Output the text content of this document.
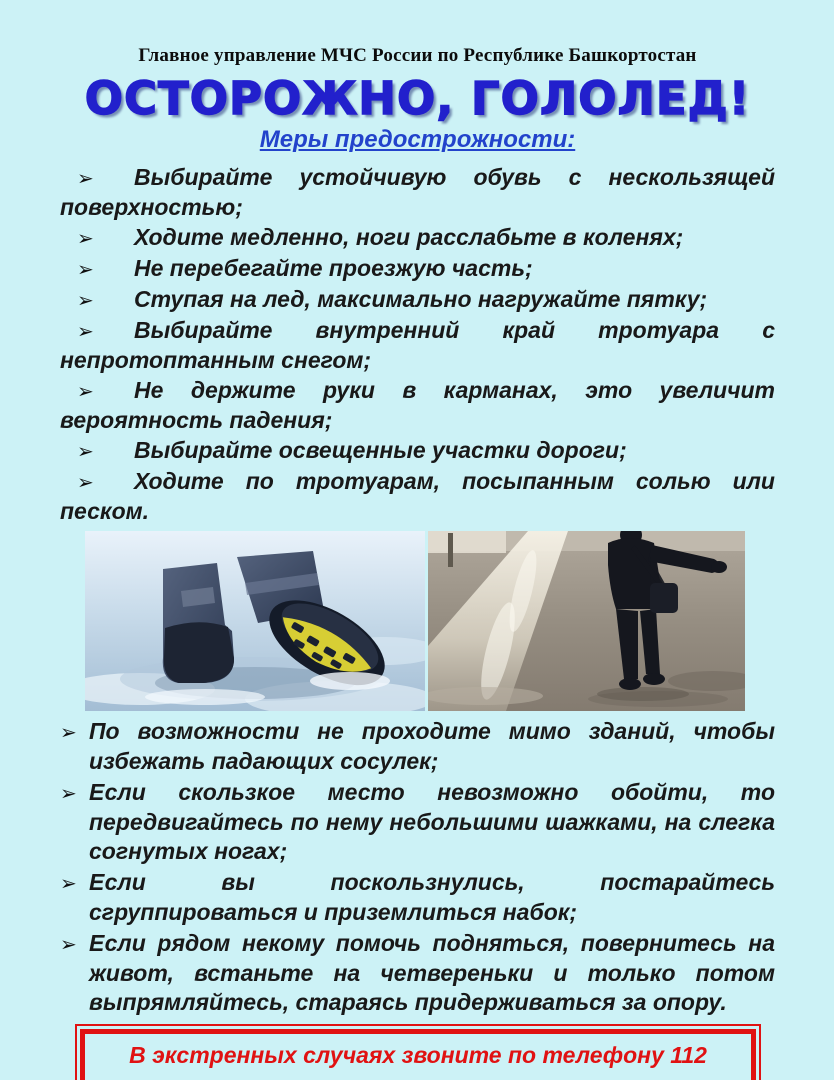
Главное управление МЧС России по Республике Башкортостан
ОСТОРОЖНО, ГОЛОЛЕД!
Меры предострожности:

➢ Выбирайте устойчивую обувь с нескользящей поверхностью;

➢ Ходите медленно, ноги расслабьте в коленях;

➢ Не перебегайте проезжую часть;

➢ Ступая на лед, максимально нагружайте пятку;

➢ Выбирайте внутренний край тротуара с непротоптанным снегом;

➢ Не держите руки в карманах, это увеличит вероятность падения;

➢ Выбирайте освещенные участки дороги;

➢ Ходите по тротуарам, посыпанным солью или песком.

➢ По возможности не проходите мимо зданий, чтобы избежать падающих сосулек;

➢ Если скользкое место невозможно обойти, то передвигайтесь по нему небольшими шажками, на слегка согнутых ногах;

➢ Если вы поскользнулись, постарайтесь сгруппироваться и приземлиться набок;

➢ Если рядом некому помочь подняться, повернитесь на живот, встаньте на четвереньки и только потом выпрямляйтесь, стараясь придерживаться за опору.

В экстренных случаях звоните по телефону 112
